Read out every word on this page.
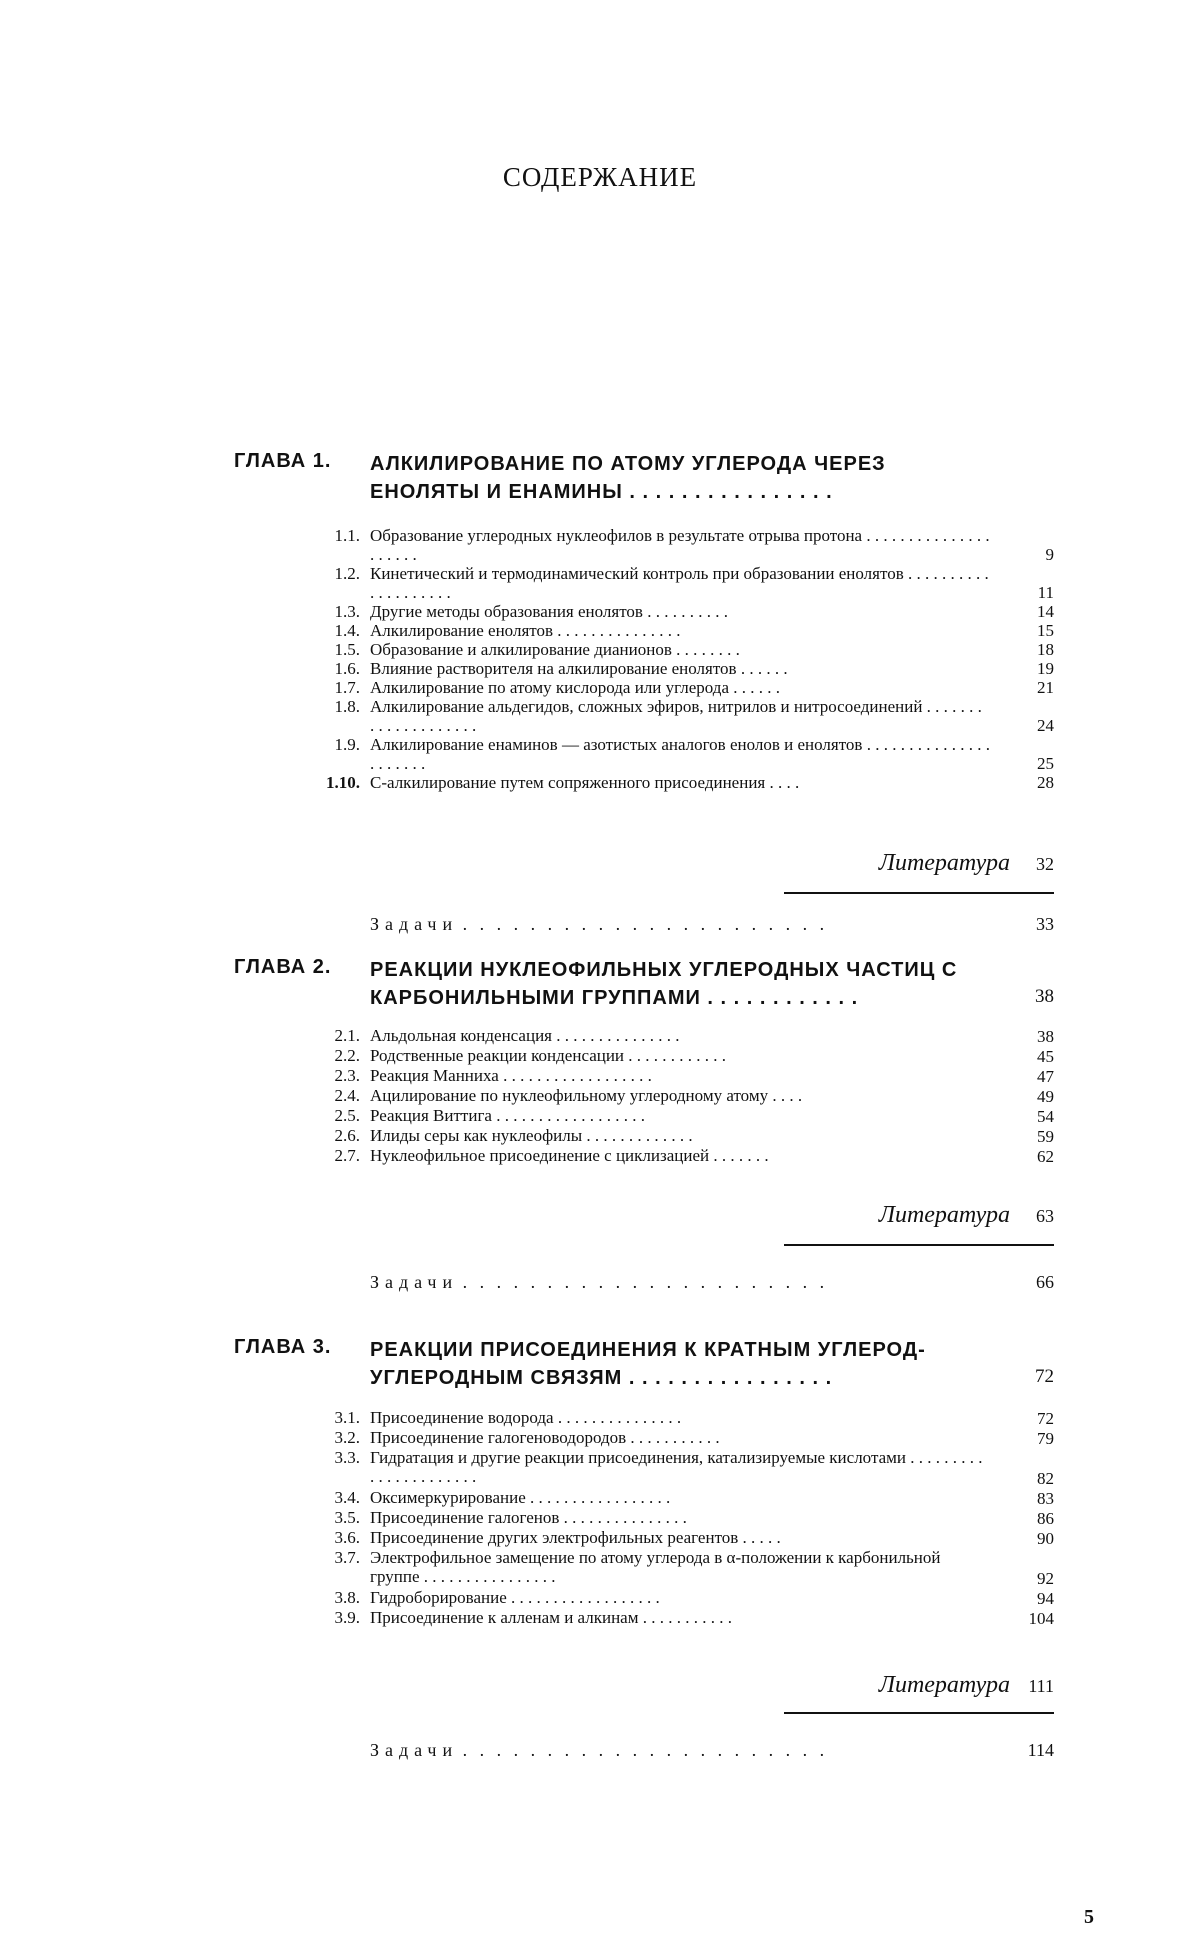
СОДЕРЖАНИЕ
ГЛАВА 1. АЛКИЛИРОВАНИЕ ПО АТОМУ УГЛЕРОДА ЧЕРЕЗ ЕНОЛЯТЫ И ЕНАМИНЫ . . . . . . . . . . . . . . . .
1.1. Образование углеродных нуклеофилов в результате отрыва протона . . . . . . . . . . . . . . . . . . . . .	9
1.2. Кинетический и термодинамический контроль при образовании енолятов . . . . . . . . . . . . . . . . . . . .	11
1.3. Другие методы образования енолятов . . . . . . . . . .	14
1.4. Алкилирование енолятов . . . . . . . . . . . . . . .	15
1.5. Образование и алкилирование дианионов . . . . . . . .	18
1.6. Влияние растворителя на алкилирование енолятов . . . . . .	19
1.7. Алкилирование по атому кислорода или углерода . . . . . .	21
1.8. Алкилирование альдегидов, сложных эфиров, нитрилов и нитросоединений . . . . . . . . . . . . . . . . . . . .	24
1.9. Алкилирование енаминов — азотистых аналогов енолов и енолятов . . . . . . . . . . . . . . . . . . . . . .	25
1.10. С-алкилирование путем сопряженного присоединения . . . .	28
Литература 32
Задачи . . . . . . . . . . . . . . . . . . . . . .	33
ГЛАВА 2. РЕАКЦИИ НУКЛЕОФИЛЬНЫХ УГЛЕРОДНЫХ ЧАСТИЦ С КАРБОНИЛЬНЫМИ ГРУППАМИ . . . . . . . . . . . .	38
2.1. Альдольная конденсация . . . . . . . . . . . . . . .	38
2.2. Родственные реакции конденсации . . . . . . . . . . . .	45
2.3. Реакция Манниха . . . . . . . . . . . . . . . . . .	47
2.4. Ацилирование по нуклеофильному углеродному атому . . . .	49
2.5. Реакция Виттига . . . . . . . . . . . . . . . . . .	54
2.6. Илиды серы как нуклеофилы . . . . . . . . . . . . .	59
2.7. Нуклеофильное присоединение с циклизацией . . . . . . .	62
Литература 63
Задачи . . . . . . . . . . . . . . . . . . . . . .	66
ГЛАВА 3. РЕАКЦИИ ПРИСОЕДИНЕНИЯ К КРАТНЫМ УГЛЕРОД-УГЛЕРОДНЫМ СВЯЗЯМ . . . . . . . . . . . . . . . .	72
3.1. Присоединение водорода . . . . . . . . . . . . . . .	72
3.2. Присоединение галогеноводородов . . . . . . . . . . .	79
3.3. Гидратация и другие реакции присоединения, катализируемые кислотами . . . . . . . . . . . . . . . . . . . . . .	82
3.4. Оксимеркурирование . . . . . . . . . . . . . . . . .	83
3.5. Присоединение галогенов . . . . . . . . . . . . . . .	86
3.6. Присоединение других электрофильных реагентов . . . . .	90
3.7. Электрофильное замещение по атому углерода в α-положении к карбонильной группе . . . . . . . . . . . . . . . .	92
3.8. Гидроборирование . . . . . . . . . . . . . . . . . .	94
3.9. Присоединение к алленам и алкинам . . . . . . . . . . .	104
Литература 111
Задачи . . . . . . . . . . . . . . . . . . . . . .	114
5
